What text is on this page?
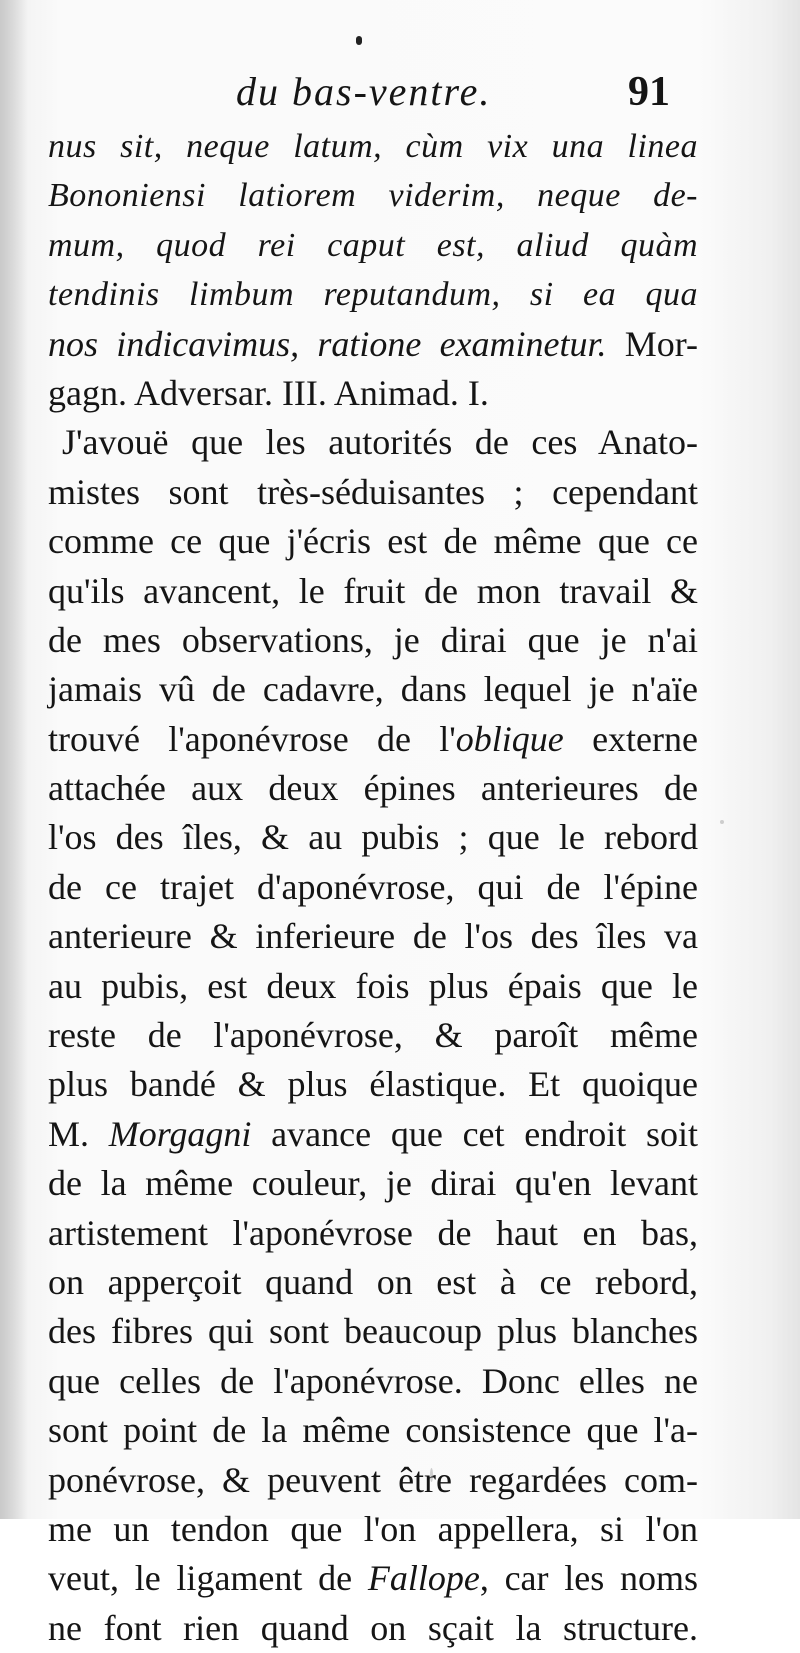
du bas-ventre.	91
nus sit, neque latum, cùm vix una linea
Bononiensi latiorem viderim, neque de-
mum, quod rei caput est, aliud quàm
tendinis limbum reputandum, si ea qua
nos indicavimus, ratione examinetur. Mor-
gagn. Adversar. III. Animad. I.
J'avouë que les autorités de ces Anato-
mistes sont très-séduisantes ; cependant
comme ce que j'écris est de même que ce
qu'ils avancent, le fruit de mon travail &
de mes observations, je dirai que je n'ai
jamais vû de cadavre, dans lequel je n'aïe
trouvé l'aponévrose de l'oblique externe
attachée aux deux épines anterieures de
l'os des îles, & au pubis ; que le rebord
de ce trajet d'aponévrose, qui de l'épine
anterieure & inferieure de l'os des îles va
au pubis, est deux fois plus épais que le
reste de l'aponévrose, & paroît même
plus bandé & plus élastique. Et quoique
M. Morgagni avance que cet endroit soit
de la même couleur, je dirai qu'en levant
artistement l'aponévrose de haut en bas,
on apperçoit quand on est à ce rebord,
des fibres qui sont beaucoup plus blanches
que celles de l'aponévrose. Donc elles ne
sont point de la même consistence que l'a-
ponévrose, & peuvent être regardées com-
me un tendon que l'on appellera, si l'on
veut, le ligament de Fallope, car les noms
ne font rien quand on sçait la structure.
